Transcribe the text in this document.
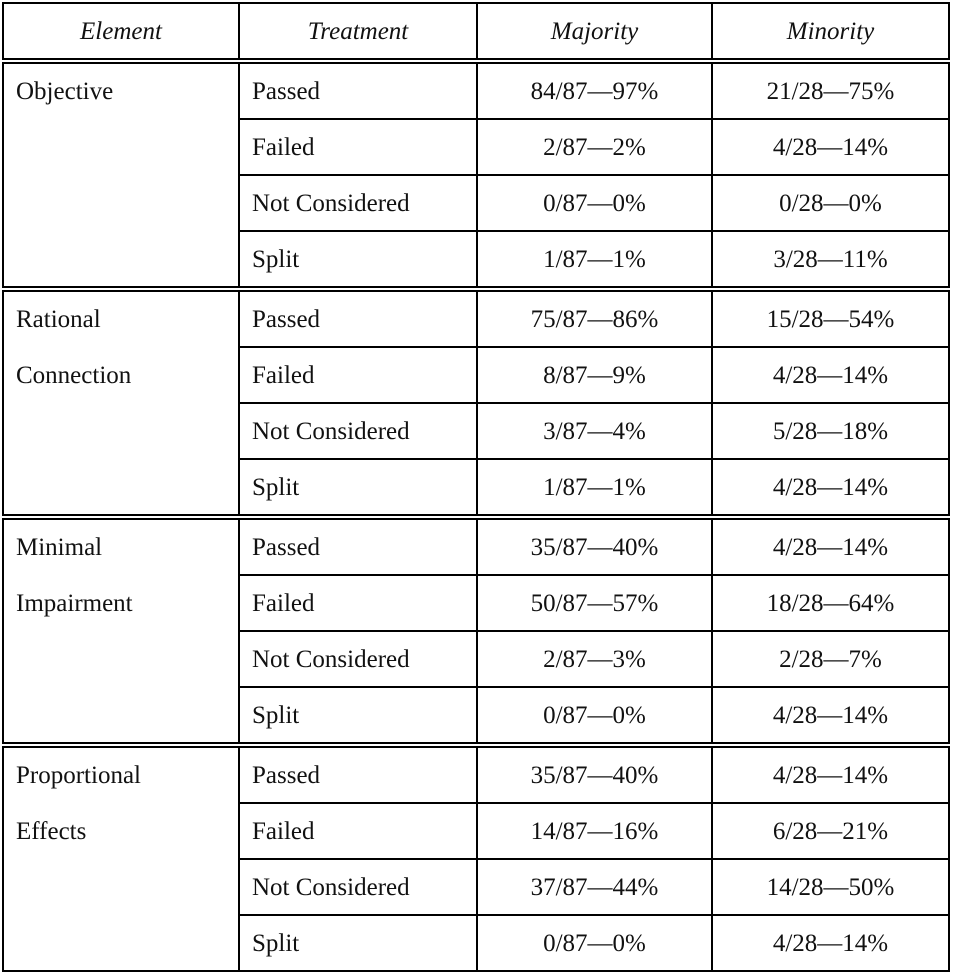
Element	Treatment	Majority	Minority

Objective	Passed	84/87—97%	21/28—75%
	Failed	2/87—2%	4/28—14%
	Not Considered	0/87—0%	0/28—0%
	Split	1/87—1%	3/28—11%

Rational
Connection	Passed	75/87—86%	15/28—54%
	Failed	8/87—9%	4/28—14%
	Not Considered	3/87—4%	5/28—18%
	Split	1/87—1%	4/28—14%

Minimal
Impairment	Passed	35/87—40%	4/28—14%
	Failed	50/87—57%	18/28—64%
	Not Considered	2/87—3%	2/28—7%
	Split	0/87—0%	4/28—14%

Proportional
Effects	Passed	35/87—40%	4/28—14%
	Failed	14/87—16%	6/28—21%
	Not Considered	37/87—44%	14/28—50%
	Split	0/87—0%	4/28—14%
